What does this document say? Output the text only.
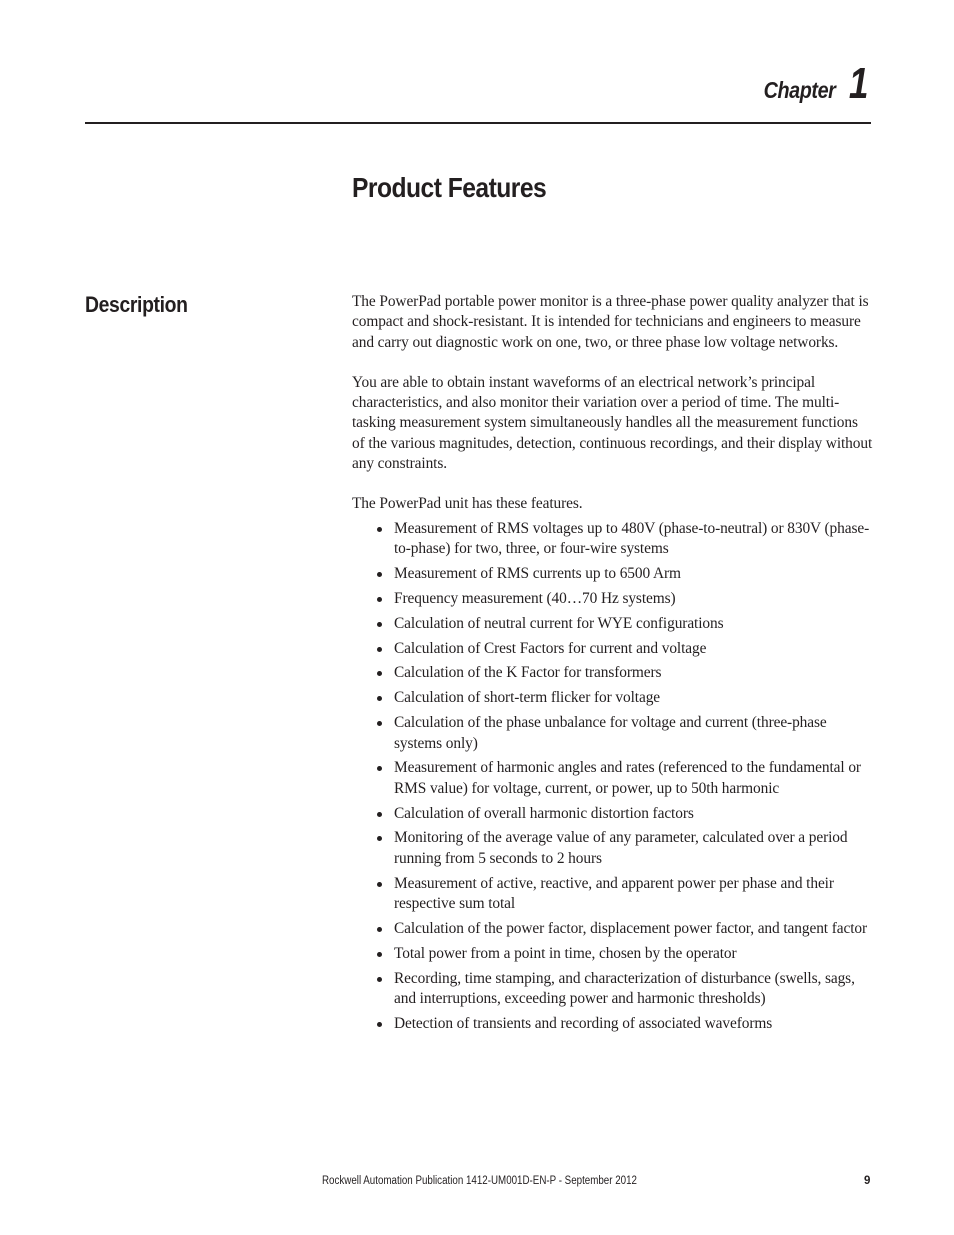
Chapter 1
Product Features
Description	The PowerPad portable power monitor is a three-phase power quality analyzer that is compact and shock-resistant. It is intended for technicians and engineers to measure and carry out diagnostic work on one, two, or three phase low voltage networks.

You are able to obtain instant waveforms of an electrical network’s principal characteristics, and also monitor their variation over a period of time. The multi-tasking measurement system simultaneously handles all the measurement functions of the various magnitudes, detection, continuous recordings, and their display without any constraints.

The PowerPad unit has these features.

Measurement of RMS voltages up to 480V (phase-to-neutral) or 830V (phase-to-phase) for two, three, or four-wire systems
Measurement of RMS currents up to 6500 Arm
Frequency measurement (40…70 Hz systems)
Calculation of neutral current for WYE configurations
Calculation of Crest Factors for current and voltage
Calculation of the K Factor for transformers
Calculation of short-term flicker for voltage
Calculation of the phase unbalance for voltage and current (three-phase systems only)
Measurement of harmonic angles and rates (referenced to the fundamental or RMS value) for voltage, current, or power, up to 50th harmonic
Calculation of overall harmonic distortion factors
Monitoring of the average value of any parameter, calculated over a period running from 5 seconds to 2 hours
Measurement of active, reactive, and apparent power per phase and their respective sum total
Calculation of the power factor, displacement power factor, and tangent factor
Total power from a point in time, chosen by the operator
Recording, time stamping, and characterization of disturbance (swells, sags, and interruptions, exceeding power and harmonic thresholds)
Detection of transients and recording of associated waveforms
Rockwell Automation Publication 1412-UM001D-EN-P - September 2012	9
